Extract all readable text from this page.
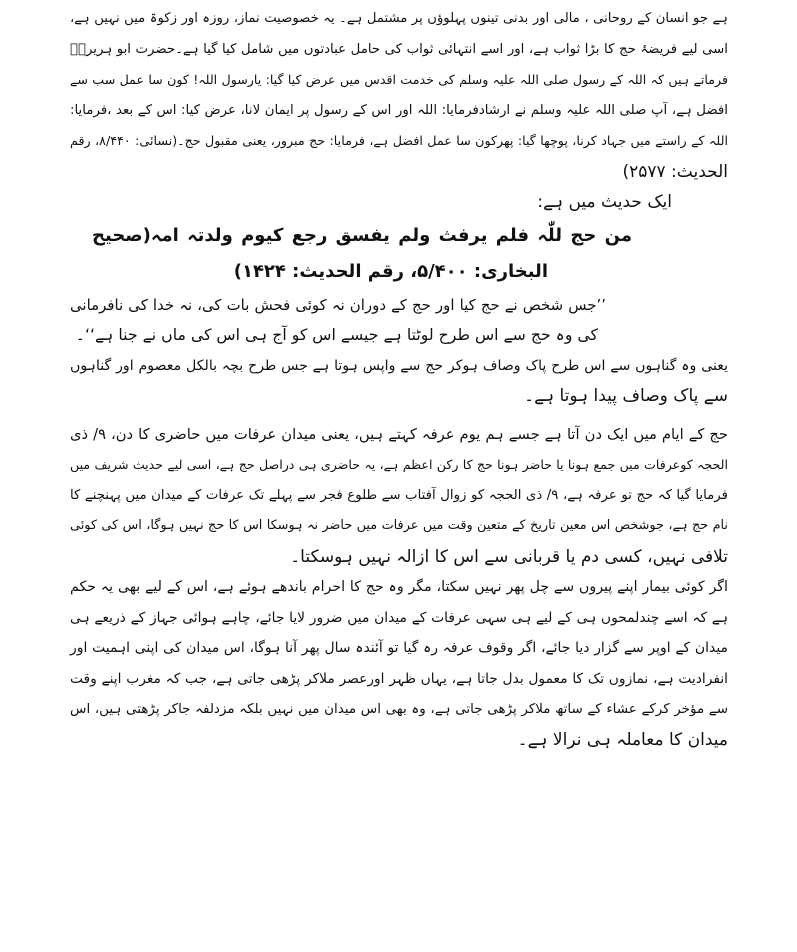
ہے جو انسان کے روحانی ، مالی اور بدنی تینوں پہلوؤں پر مشتمل ہے۔ یہ خصوصیت نماز، روزہ اور زکوۃ میں نہیں ہے،
اسی لیے فریضۂ حج کا بڑا ثواب ہے، اور اسے انتہائی ثواب کی حامل عبادتوں میں شامل کیا گیا ہے۔حضرت ابو ہریرہؓ
فرماتے ہیں کہ اللہ کے رسول صلی اللہ علیہ وسلم کی خدمت اقدس میں عرض کیا گیا: یارسول اللہ! کون سا عمل سب سے
افضل ہے، آپ صلی اللہ علیہ وسلم نے ارشادفرمایا: اللہ اور اس کے رسول پر ایمان لانا، عرض کیا: اس کے بعد ،فرمایا:
اللہ کے راستے میں جہاد کرنا، پوچھا گیا: پھرکون سا عمل افضل ہے، فرمایا: حج مبرور، یعنی مقبول حج۔(نسائی: ۸/۴۴۰، رقم
الحدیث: ۲۵۷۷)
ایک حدیث میں ہے:
من حج للّٰہ فلم یرفث ولم یفسق رجع کیوم ولدتہ امہ(صحیح
البخاری: ۵/۴۰۰، رقم الحدیث: ۱۴۲۴)
’’جس شخص نے حج کیا اور حج کے دوران نہ کوئی فحش بات کی، نہ خدا کی نافرمانی
کی وہ حج سے اس طرح لوٹتا ہے جیسے اس کو آج ہی اس کی ماں نے جنا ہے‘‘۔
یعنی وہ گناہوں سے اس طرح پاک وصاف ہوکر حج سے واپس ہوتا ہے جس طرح بچہ بالکل معصوم اور گناہوں
سے پاک وصاف پیدا ہوتا ہے۔
حج کے ایام میں ایک دن آتا ہے جسے ہم یوم عرفہ کہتے ہیں، یعنی میدان عرفات میں حاضری کا دن، ۹/ ذی
الحجہ کوعرفات میں جمع ہونا یا حاضر ہونا حج کا رکن اعظم ہے، یہ حاضری ہی دراصل حج ہے، اسی لیے حدیث شریف میں
فرمایا گیا کہ حج تو عرفہ ہے، ۹/ ذی الحجہ کو زوال آفتاب سے طلوع فجر سے پہلے تک عرفات کے میدان میں پہنچنے کا
نام حج ہے، جوشخص اس معین تاریخ کے متعین وقت میں عرفات میں حاضر نہ ہوسکا اس کا حج نہیں ہوگا، اس کی کوئی
تلافی نہیں، کسی دم یا قربانی سے اس کا ازالہ نہیں ہوسکتا۔
اگر کوئی بیمار اپنے پیروں سے چل پھر نہیں سکتا، مگر وہ حج کا احرام باندھے ہوئے ہے، اس کے لیے بھی یہ حکم
ہے کہ اسے چندلمحوں ہی کے لیے ہی سہی عرفات کے میدان میں ضرور لایا جائے، چاہے ہوائی جہاز کے ذریعے ہی
میدان کے اوپر سے گزار دیا جائے، اگر وقوف عرفہ رہ گیا تو آئندہ سال پھر آنا ہوگا، اس میدان کی اپنی اہمیت اور
انفرادیت ہے، نمازوں تک کا معمول بدل جاتا ہے، یہاں ظہر اورعصر ملاکر پڑھی جاتی ہے، جب کہ مغرب اپنے وقت
سے مؤخر کرکے عشاء کے ساتھ ملاکر پڑھی جاتی ہے، وہ بھی اس میدان میں نہیں بلکہ مزدلفہ جاکر پڑھتی ہیں، اس
میدان کا معاملہ ہی نرالا ہے۔
